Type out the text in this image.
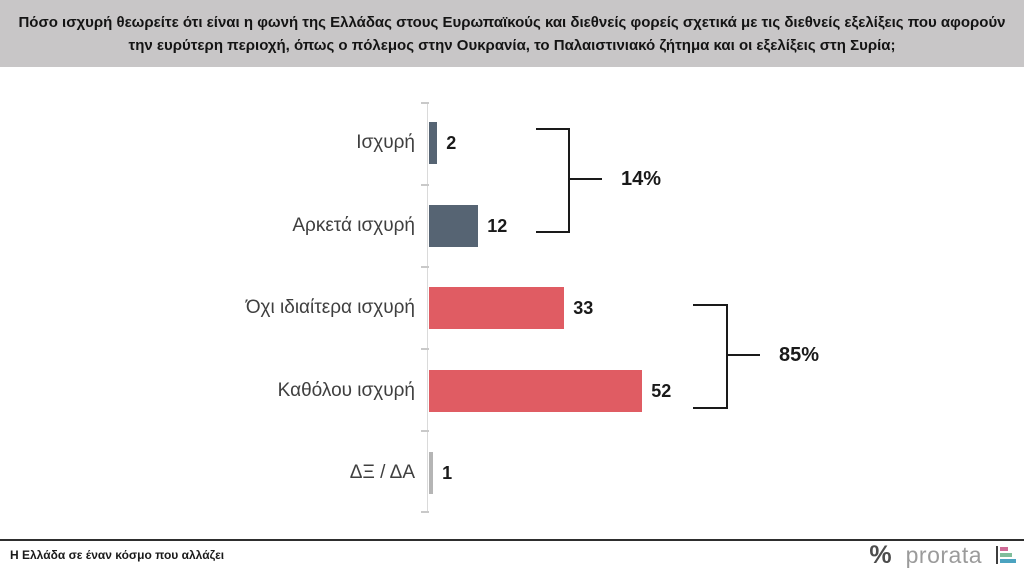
Πόσο ισχυρή θεωρείτε ότι είναι η φωνή της Ελλάδας στους Ευρωπαϊκούς και διεθνείς φορείς σχετικά με τις διεθνείς εξελίξεις που αφορούν την ευρύτερη περιοχή, όπως ο πόλεμος στην Ουκρανία, το Παλαιστινιακό ζήτημα και οι εξελίξεις στη Συρία;
Ισχυρή 2
Αρκετά ισχυρή	12
Όχι ιδιαίτερα ισχυρή	33
Καθόλου ισχυρή	52
ΔΞ / ΔΑ 1
14%
85%
Η Ελλάδα σε έναν κόσμο που αλλάζει	% prorata
